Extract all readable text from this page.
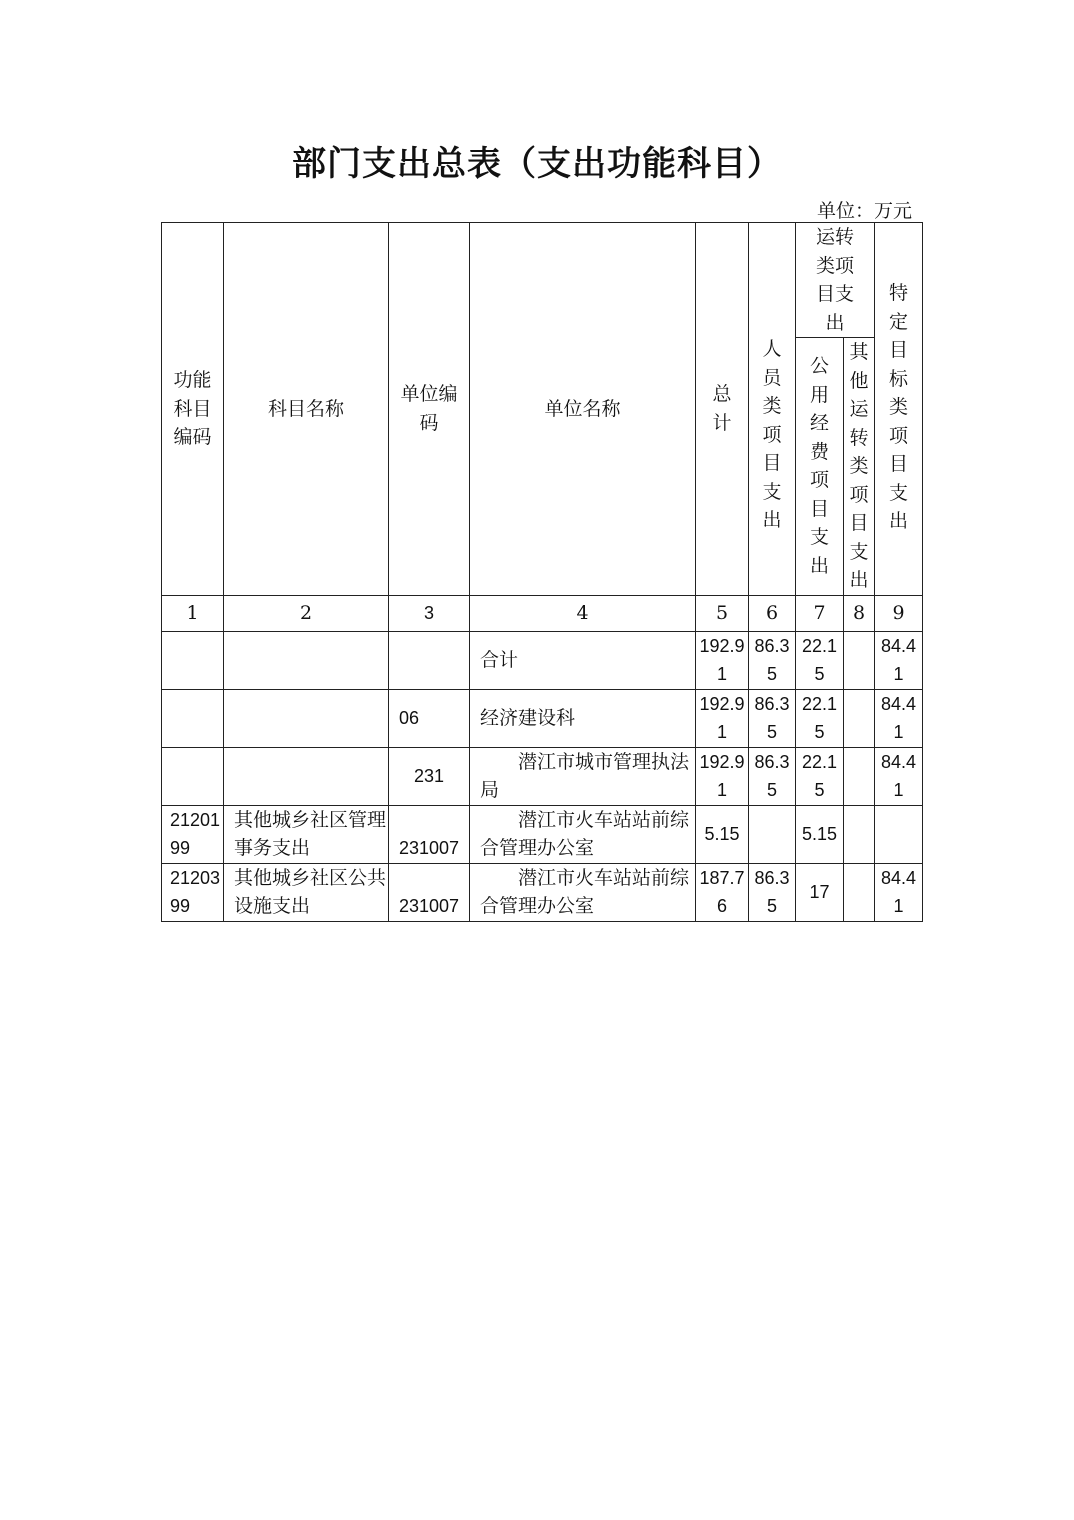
部门支出总表（支出功能科目）
单位：万元
功能科目编码	科目名称	单位编码	单位名称	总计	人员类项目支出	运转类项目支出		特定目标类项目支出

						公用经费项目支出	其他运转类项目支出	

1	2	3	4	5	6	7	8	9
			合计	192.91	86.35	22.15		84.41
		06	经济建设科	192.91	86.35	22.15		84.41
		231	潜江市城市管理执法局	192.91	86.35	22.15		84.41
2120199	其他城乡社区管理事务支出	231007	潜江市火车站站前综合管理办公室	5.15		5.15		
2120399	其他城乡社区公共设施支出	231007	潜江市火车站站前综合管理办公室	187.76	86.35	17		84.41
